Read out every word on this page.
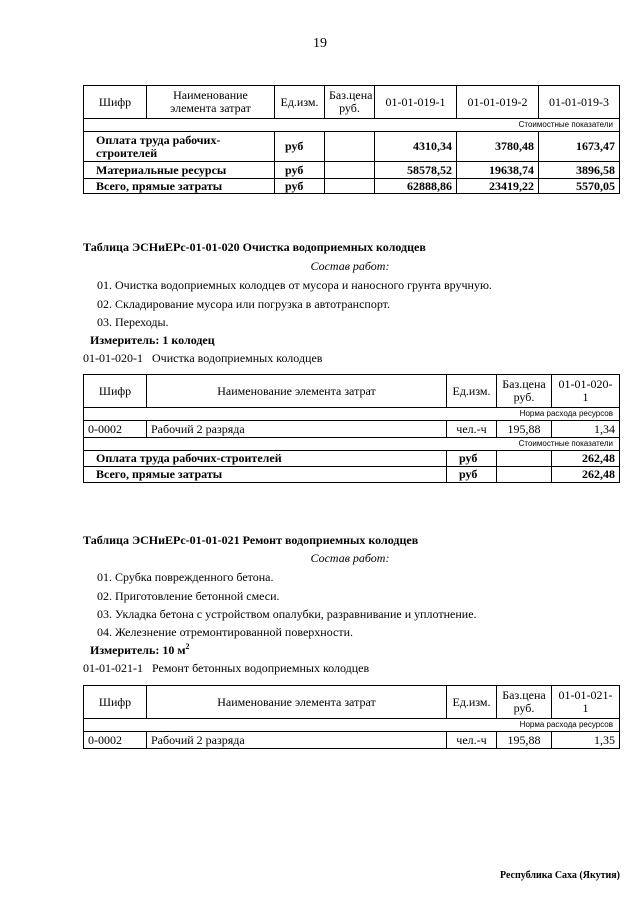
19
Шифр	Наименование элемента затрат	Ед.изм.	Баз.цена руб.	01-01-019-1	01-01-019-2	01-01-019-3
Стоимостные показатели						
Оплата труда рабочих-строителей		руб		4310,34	3780,48	1673,47
Материальные ресурсы		руб		58578,52	19638,74	3896,58
Всего, прямые затраты		руб		62888,86	23419,22	5570,05
Таблица ЭСНиЕРс-01-01-020 Очистка водоприемных колодцев
Состав работ:
01. Очистка водоприемных колодцев от мусора и наносного грунта вручную.
02. Складирование мусора или погрузка в автотранспорт.
03. Переходы.
Измеритель: 1 колодец
01-01-020-1   Очистка водоприемных колодцев
Шифр	Наименование элемента затрат	Ед.изм.	Баз.цена руб.	01-01-020-1
Норма расхода ресурсов				
0-0002	Рабочий 2 разряда	чел.-ч	195,88	1,34
Стоимостные показатели				
Оплата труда рабочих-строителей		руб		262,48
Всего, прямые затраты		руб		262,48
Таблица ЭСНиЕРс-01-01-021 Ремонт водоприемных колодцев
Состав работ:
01. Срубка поврежденного бетона.
02. Приготовление бетонной смеси.
03. Укладка бетона с устройством опалубки, разравнивание и уплотнение.
04. Железнение отремонтированной поверхности.
Измеритель: 10 $м^2$
01-01-021-1   Ремонт бетонных водоприемных колодцев
Шифр	Наименование элемента затрат	Ед.изм.	Баз.цена руб.	01-01-021-1
Норма расхода ресурсов				
0-0002	Рабочий 2 разряда	чел.-ч	195,88	1,35
Республика Саха (Якутия)
